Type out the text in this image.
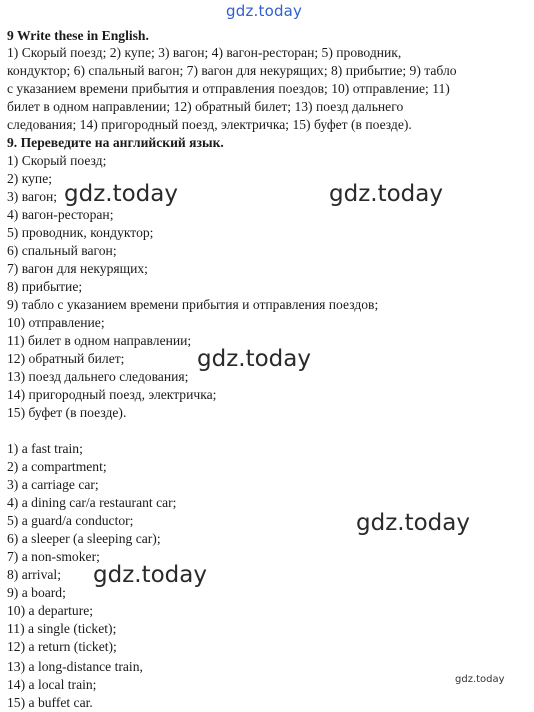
9 Write these in English.
1) Скорый поезд; 2) купе; 3) вагон; 4) вагон-ресторан; 5) проводник,
кондуктор; 6) спальный вагон; 7) вагон для некурящих; 8) прибытие; 9) табло
с указанием времени прибытия и отправления поездов; 10) отправление; 11)
билет в одном направлении; 12) обратный билет; 13) поезд дальнего
следования; 14) пригородный поезд, электричка; 15) буфет (в поезде).
9. Переведите на английский язык.
1) Скорый поезд;
2) купе;
3) вагон;
4) вагон-ресторан;
5) проводник, кондуктор;
6) спальный вагон;
7) вагон для некурящих;
8) прибытие;
9) табло с указанием времени прибытия и отправления поездов;
10) отправление;
11) билет в одном направлении;
12) обратный билет;
13) поезд дальнего следования;
14) пригородный поезд, электричка;
15) буфет (в поезде).
1) a fast train;
2) a compartment;
3) a carriage car;
4) a dining car/a restaurant car;
5) a guard/a conductor;
6) a sleeper (a sleeping car);
7) a non-smoker;
8) arrival;
9) a board;
10) a departure;
11) a single (ticket);
12) a return (ticket);
13) a long-distance train,
14) a local train;
15) a buffet car.
gdz.today
gdz.today	gdz.today
gdz.today
gdz.today
gdz.today
gdz.today
